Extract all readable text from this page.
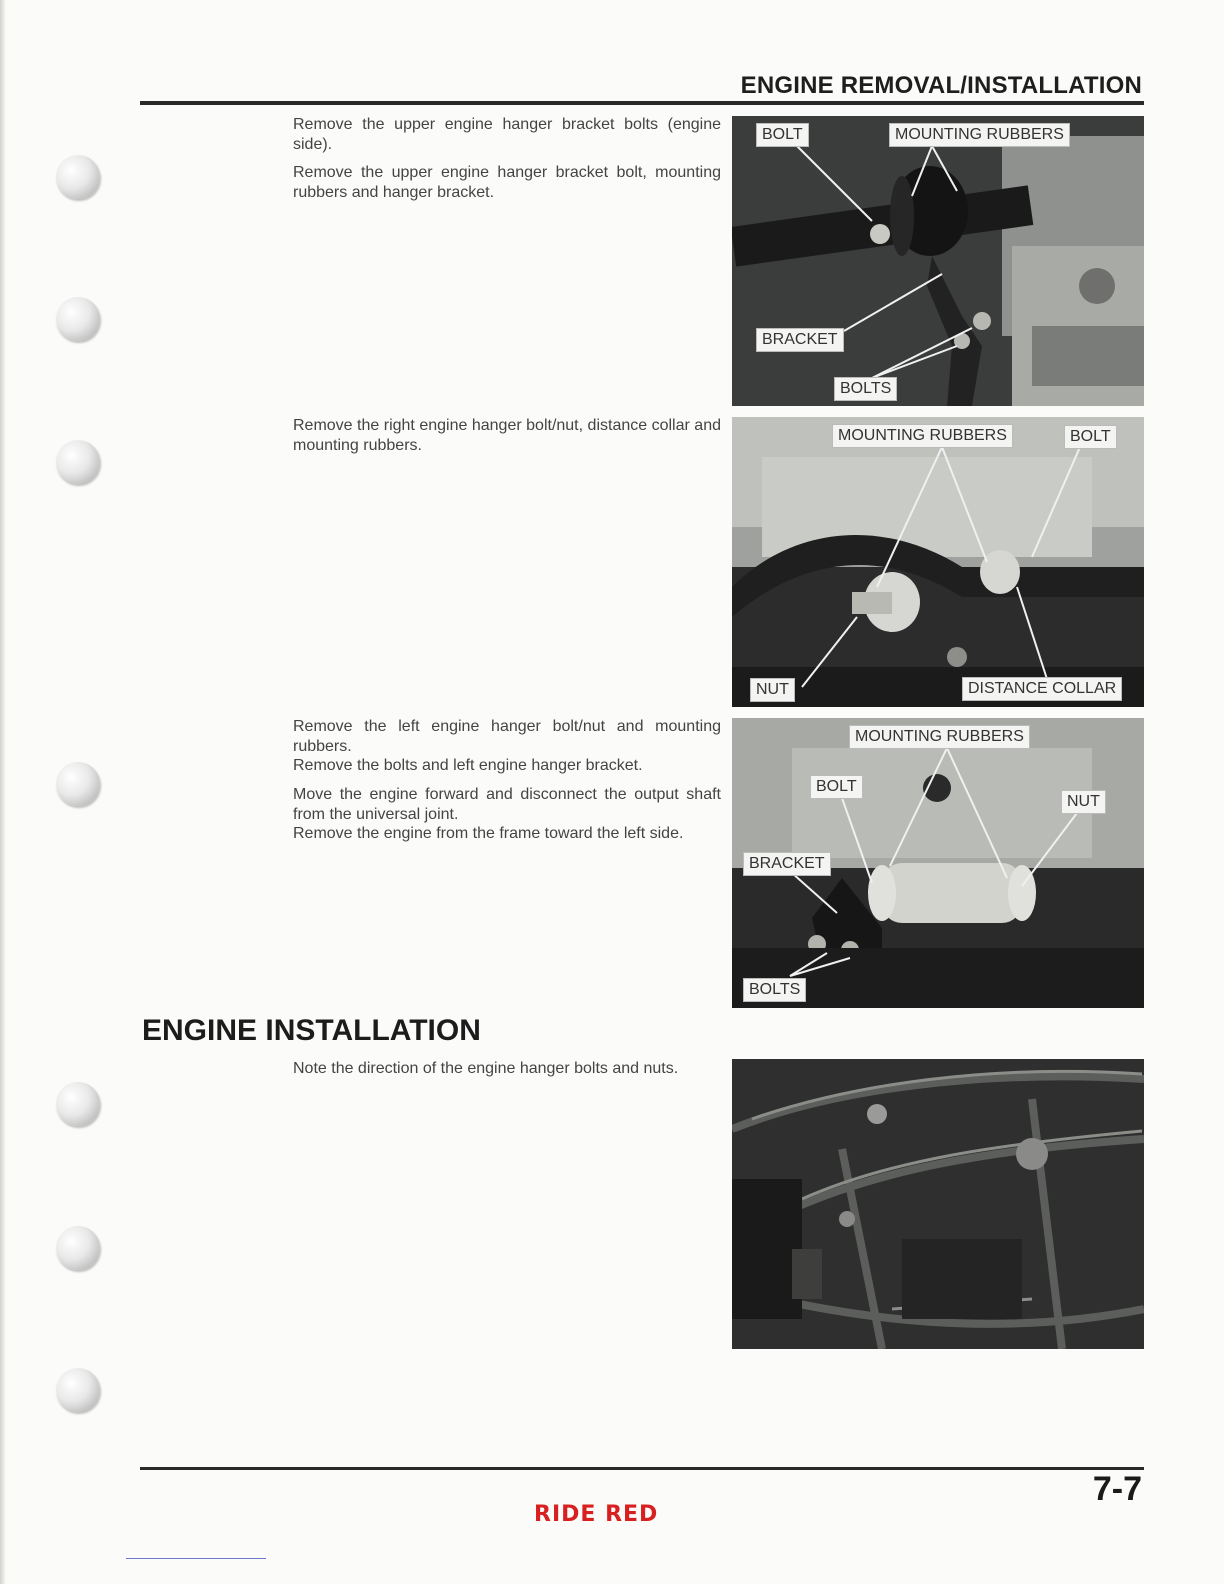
ENGINE REMOVAL/INSTALLATION

Remove the upper engine hanger bracket bolts (engine side).

Remove the upper engine hanger bracket bolt, mounting rubbers and hanger bracket.

Remove the right engine hanger bolt/nut, distance collar and mounting rubbers.

Remove the left engine hanger bolt/nut and mounting rubbers.

Remove the bolts and left engine hanger bracket.

Move the engine forward and disconnect the output shaft from the universal joint.

Remove the engine from the frame toward the left side.

ENGINE INSTALLATION

Note the direction of the engine hanger bolts and nuts.

BOLT	MOUNTING RUBBERS
BRACKET
BOLTS
MOUNTING RUBBERS	BOLT
NUT	DISTANCE COLLAR
MOUNTING RUBBERS
BOLT
NUT
BRACKET
BOLTS
7-7
RIDE RED
